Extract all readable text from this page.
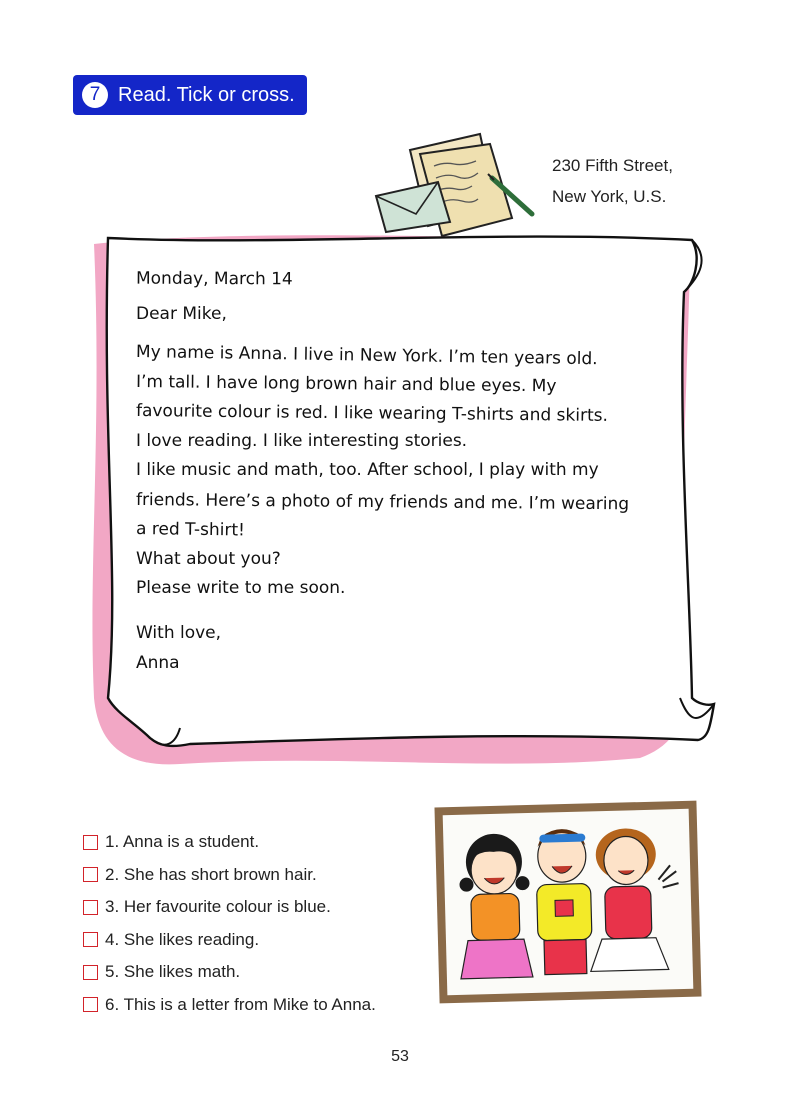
7 Read. Tick or cross.
230 Fifth Street,
New York, U.S.
Monday, March 14
Dear Mike,
My name is Anna. I live in New York. I’m ten years old.
I’m tall. I have long brown hair and blue eyes. My
favourite colour is red. I like wearing T-shirts and skirts.
I love reading. I like interesting stories.
I like music and math, too. After school, I play with my
friends. Here’s a photo of my friends and me. I’m wearing
a red T-shirt!
What about you?
Please write to me soon.
With love,
Anna
1. Anna is a student.
2. She has short brown hair.
3. Her favourite colour is blue.
4. She likes reading.
5. She likes math.
6. This is a letter from Mike to Anna.
53
